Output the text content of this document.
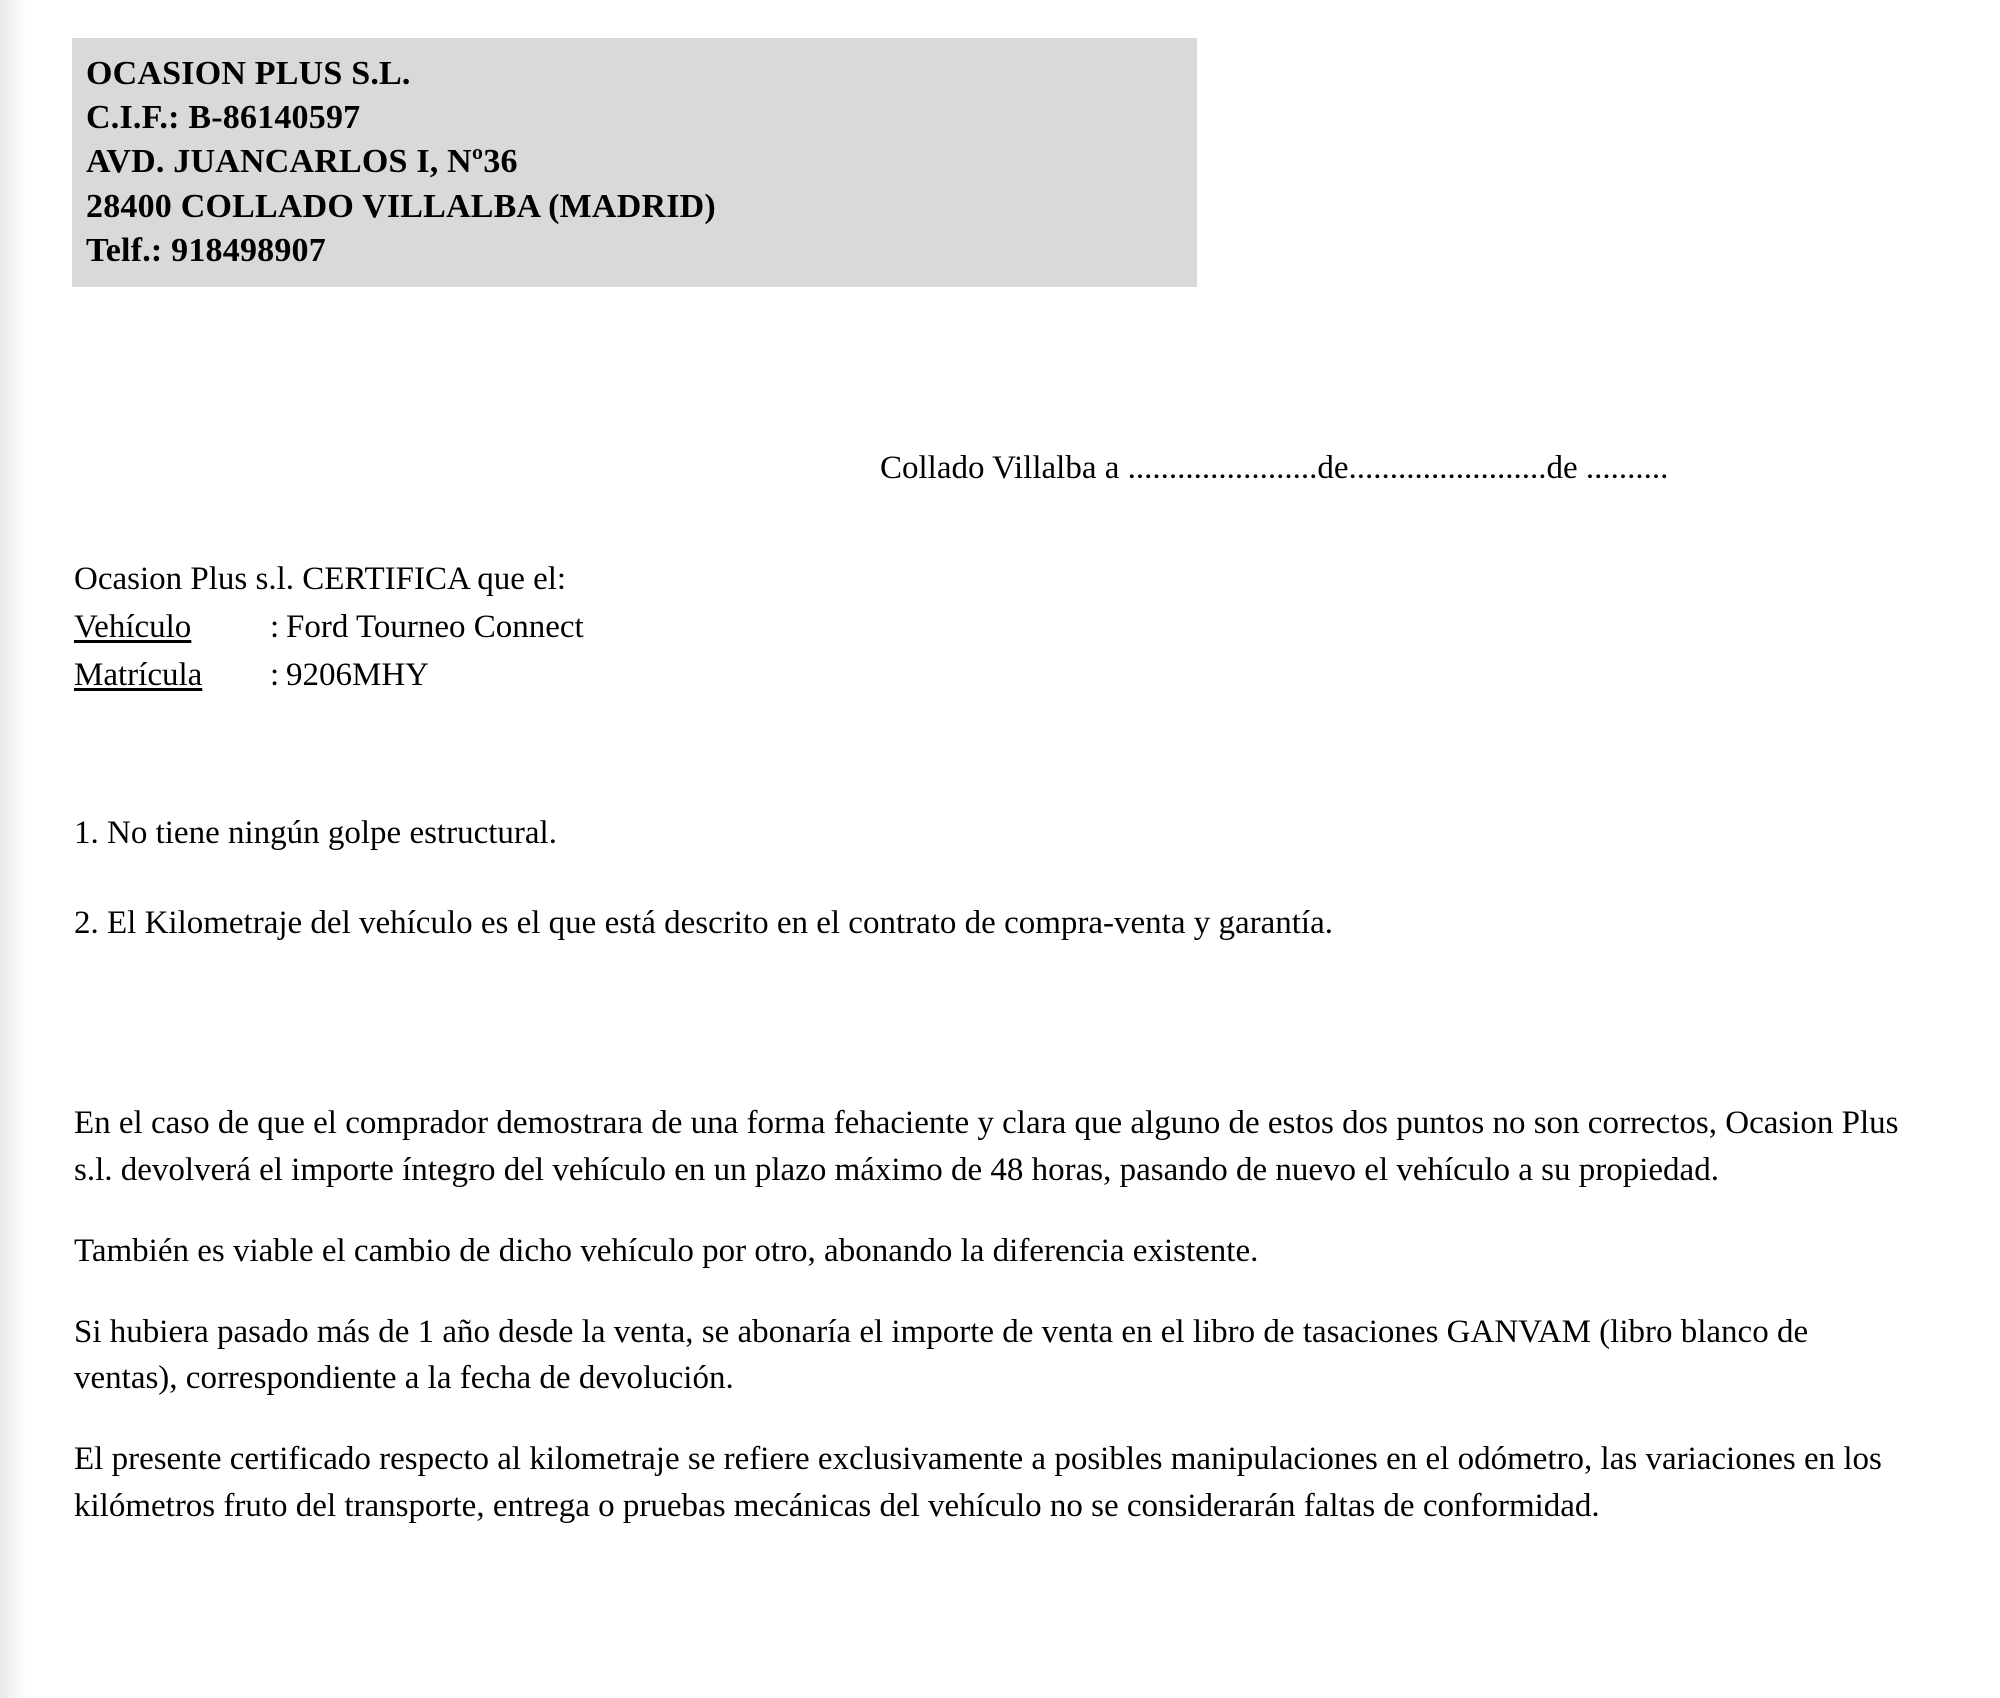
OCASION PLUS S.L.
C.I.F.: B-86140597
AVD. JUANCARLOS I, Nº36
28400 COLLADO VILLALBA (MADRID)
Telf.: 918498907
Collado Villalba a .......................de........................de ..........
Ocasion Plus s.l. CERTIFICA que el:
Vehículo : Ford Tourneo Connect
Matrícula : 9206MHY
1. No tiene ningún golpe estructural.
2. El Kilometraje del vehículo es el que está descrito en el contrato de compra-venta y garantía.

En el caso de que el comprador demostrara de una forma fehaciente y clara que alguno de estos dos puntos no son correctos, Ocasion Plus s.l. devolverá el importe íntegro del vehículo en un plazo máximo de 48 horas, pasando de nuevo el vehículo a su propiedad.

También es viable el cambio de dicho vehículo por otro, abonando la diferencia existente.

Si hubiera pasado más de 1 año desde la venta, se abonaría el importe de venta en el libro de tasaciones GANVAM (libro blanco de ventas), correspondiente a la fecha de devolución.

El presente certificado respecto al kilometraje se refiere exclusivamente a posibles manipulaciones en el odómetro, las variaciones en los kilómetros fruto del transporte, entrega o pruebas mecánicas del vehículo no se considerarán faltas de conformidad.
